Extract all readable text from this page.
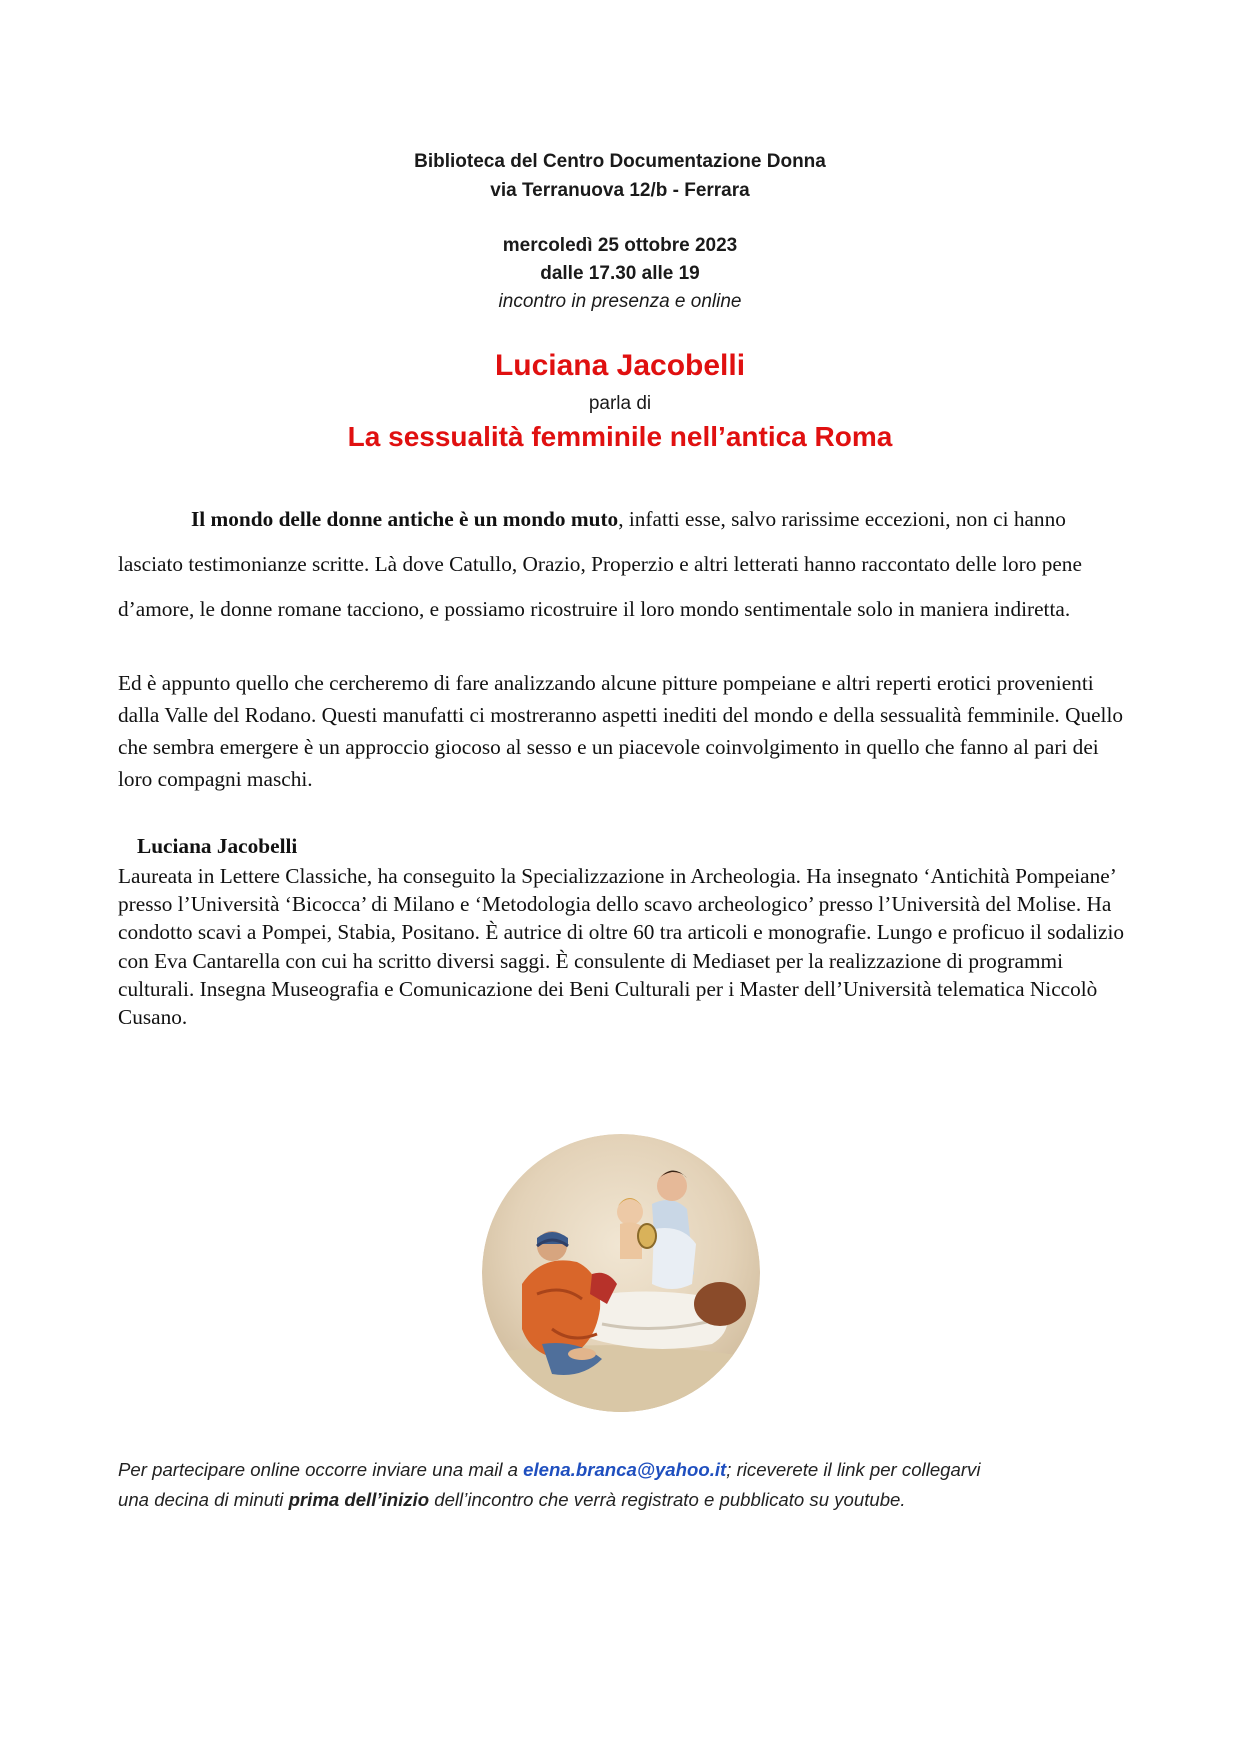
Biblioteca del Centro Documentazione Donna
via Terranuova 12/b - Ferrara
mercoledì 25 ottobre 2023
dalle 17.30 alle 19
incontro in presenza e online
Luciana Jacobelli
parla di
La sessualità femminile nell’antica Roma
Il mondo delle donne antiche è un mondo muto, infatti esse, salvo rarissime eccezioni, non ci hanno lasciato testimonianze scritte. Là dove Catullo, Orazio, Properzio e altri letterati hanno raccontato delle loro pene d’amore, le donne romane tacciono, e possiamo ricostruire il loro mondo sentimentale solo in maniera indiretta.
Ed è appunto quello che cercheremo di fare analizzando alcune pitture pompeiane e altri reperti erotici provenienti dalla Valle del Rodano. Questi manufatti ci mostreranno aspetti inediti del mondo e della sessualità femminile. Quello che sembra emergere è un approccio giocoso al sesso e un piacevole coinvolgimento in quello che fanno al pari dei loro compagni maschi.
Luciana Jacobelli
Laureata in Lettere Classiche, ha conseguito la Specializzazione in Archeologia. Ha insegnato ‘Antichità Pompeiane’ presso l’Università ‘Bicocca’ di Milano e ‘Metodologia dello scavo archeologico’ presso l’Università del Molise. Ha condotto scavi a Pompei, Stabia, Positano. È autrice di oltre 60 tra articoli e monografie. Lungo e proficuo il sodalizio con Eva Cantarella con cui ha scritto diversi saggi. È consulente di Mediaset per la realizzazione di programmi culturali. Insegna Museografia e Comunicazione dei Beni Culturali per i Master dell’Università telematica Niccolò Cusano.
Per partecipare online occorre inviare una mail a elena.branca@yahoo.it; riceverete il link per collegarvi
una decina di minuti prima dell’inizio dell’incontro che verrà registrato e pubblicato su youtube.
